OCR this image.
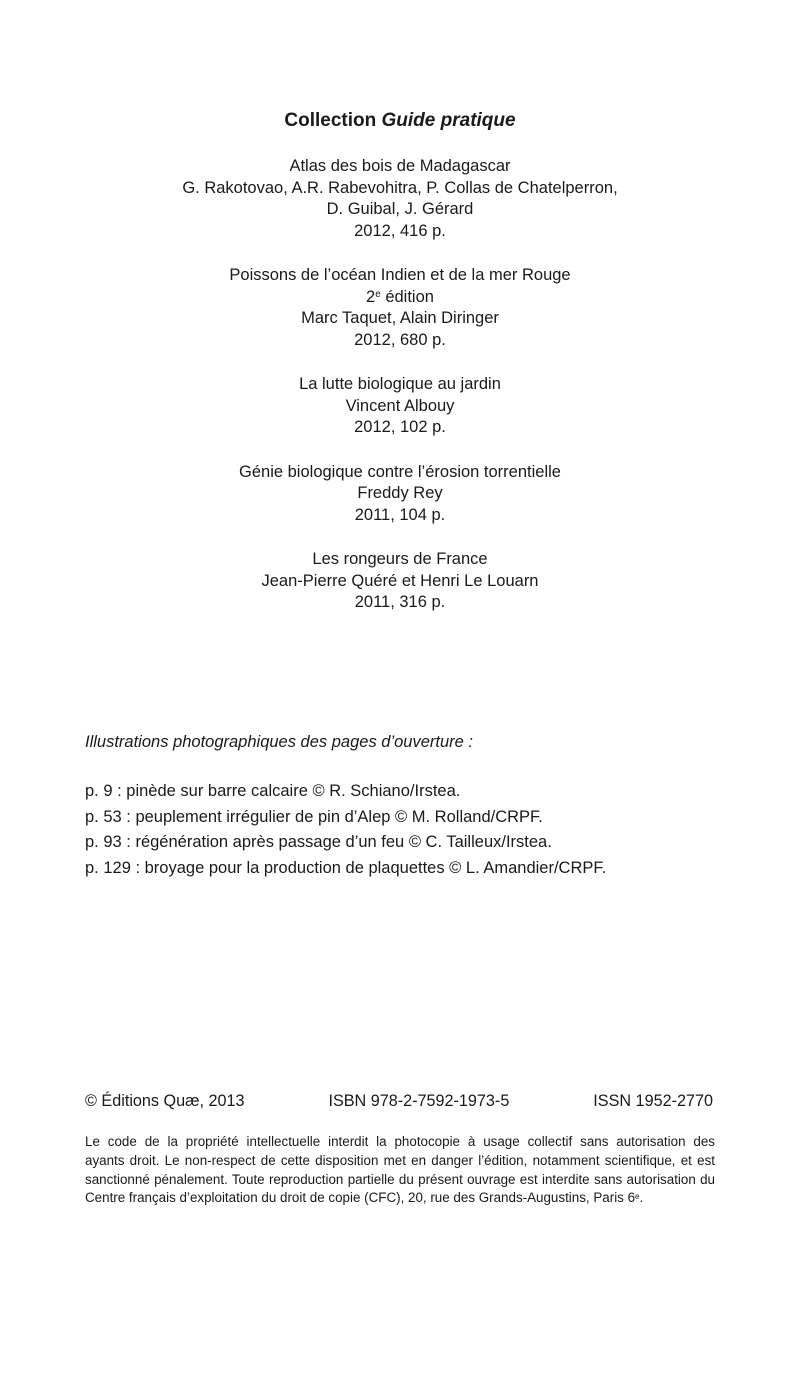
Collection Guide pratique
Atlas des bois de Madagascar
G. Rakotovao, A.R. Rabevohitra, P. Collas de Chatelperron,
D. Guibal, J. Gérard
2012, 416 p.
Poissons de l’océan Indien et de la mer Rouge
2e édition
Marc Taquet, Alain Diringer
2012, 680 p.
La lutte biologique au jardin
Vincent Albouy
2012, 102 p.
Génie biologique contre l’érosion torrentielle
Freddy Rey
2011, 104 p.
Les rongeurs de France
Jean-Pierre Quéré et Henri Le Louarn
2011, 316 p.
Illustrations photographiques des pages d’ouverture :
p. 9 : pinède sur barre calcaire © R. Schiano/Irstea.
p. 53 : peuplement irrégulier de pin d’Alep © M. Rolland/CRPF.
p. 93 : régénération après passage d’un feu © C. Tailleux/Irstea.
p. 129 : broyage pour la production de plaquettes © L. Amandier/CRPF.
© Éditions Quæ, 2013	ISBN 978-2-7592-1973-5	ISSN 1952-2770
Le code de la propriété intellectuelle interdit la photocopie à usage collectif sans autorisation des
ayants droit. Le non-respect de cette disposition met en danger l’édition, notamment scientifique, et est
sanctionné pénalement. Toute reproduction partielle du présent ouvrage est interdite sans autorisation du
Centre français d’exploitation du droit de copie (CFC), 20, rue des Grands-Augustins, Paris 6e.
